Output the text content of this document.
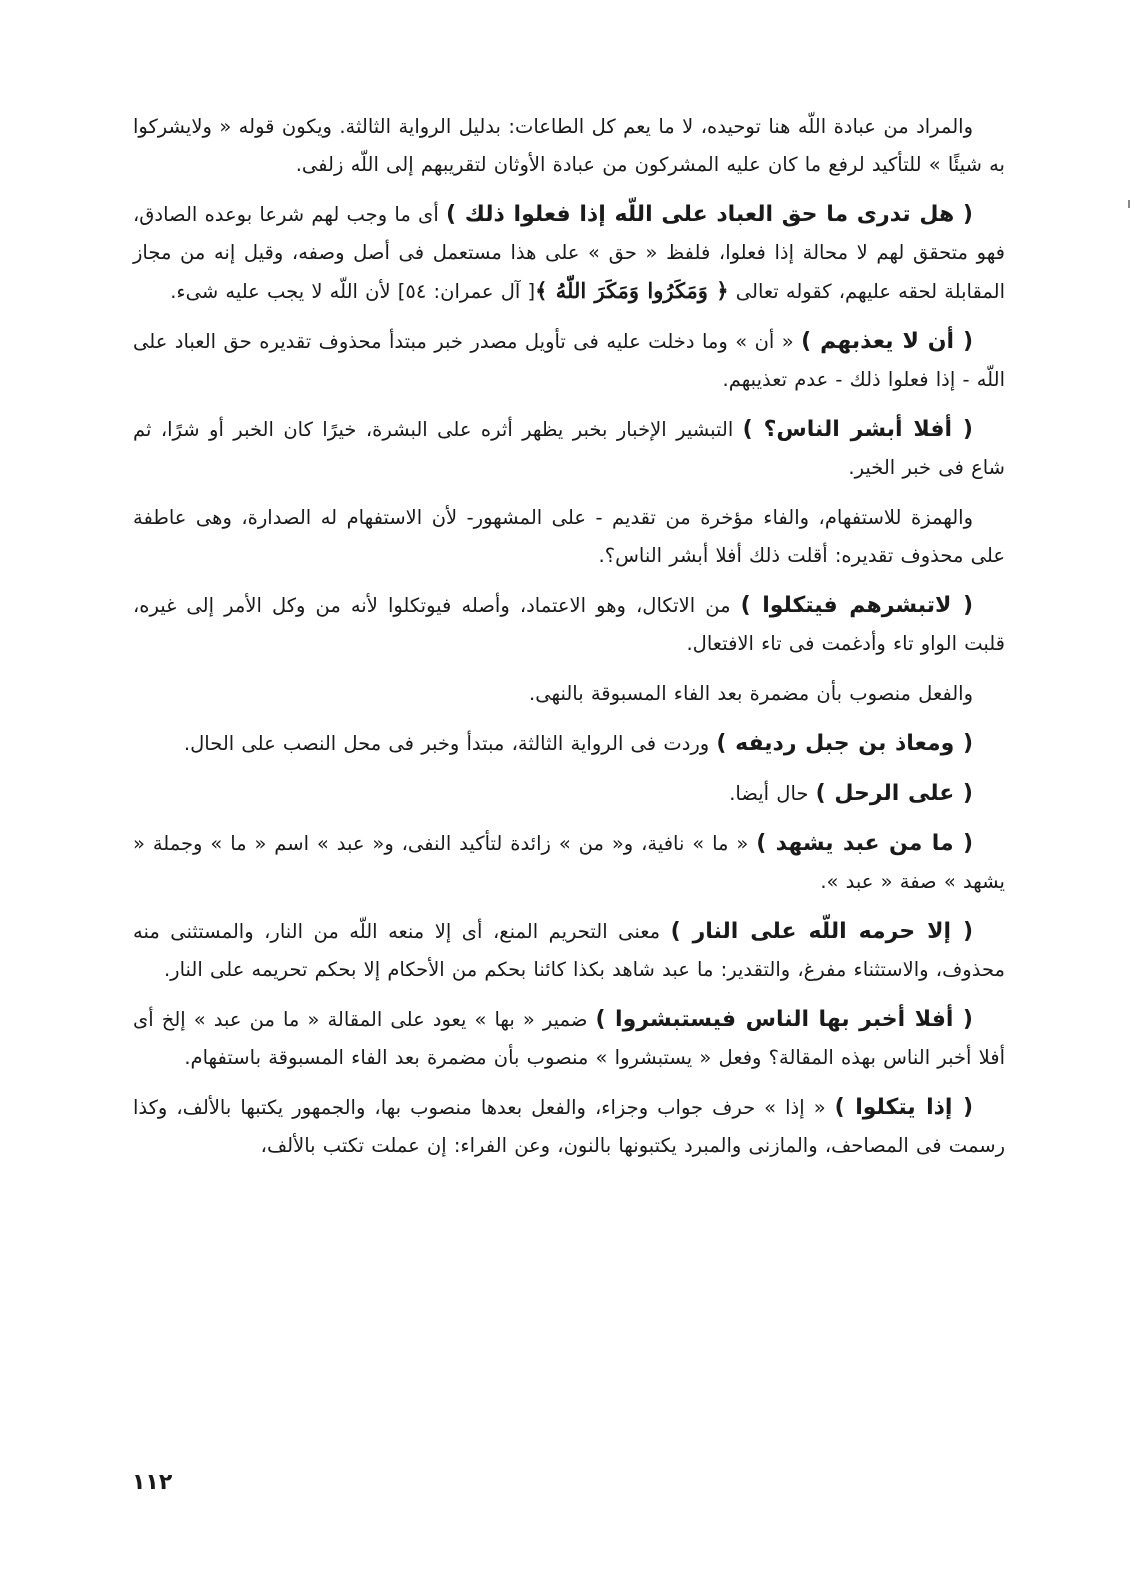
والمراد من عبادة اللّه هنا توحيده، لا ما يعم كل الطاعات: بدليل الرواية الثالثة. ويكون قوله « ولايشركوا به شيئًا » للتأكيد لرفع ما كان عليه المشركون من عبادة الأوثان لتقريبهم إلى اللّه زلفى.

( هل تدرى ما حق العباد على اللّه إذا فعلوا ذلك ) أى ما وجب لهم شرعا بوعده الصادق، فهو متحقق لهم لا محالة إذا فعلوا، فلفظ « حق » على هذا مستعمل فى أصل وصفه، وقيل إنه من مجاز المقابلة لحقه عليهم، كقوله تعالى ﴿ وَمَكَرُوا وَمَكَرَ اللّهُ ﴾[ آل عمران: ٥٤] لأن اللّه لا يجب عليه شىء.

( أن لا يعذبهم ) « أن » وما دخلت عليه فى تأويل مصدر خبر مبتدأ محذوف تقديره حق العباد على اللّه - إذا فعلوا ذلك - عدم تعذيبهم.

( أفلا أبشر الناس؟ ) التبشير الإخبار بخبر يظهر أثره على البشرة، خيرًا كان الخبر أو شرًا، ثم شاع فى خبر الخير.

والهمزة للاستفهام، والفاء مؤخرة من تقديم - على المشهور- لأن الاستفهام له الصدارة، وهى عاطفة على محذوف تقديره: أقلت ذلك أفلا أبشر الناس؟.

( لاتبشرهم فيتكلوا ) من الاتكال، وهو الاعتماد، وأصله فيوتكلوا لأنه من وكل الأمر إلى غيره، قلبت الواو تاء وأدغمت فى تاء الافتعال.

والفعل منصوب بأن مضمرة بعد الفاء المسبوقة بالنهى.

( ومعاذ بن جبل رديفه ) وردت فى الرواية الثالثة، مبتدأ وخبر فى محل النصب على الحال.

( على الرحل ) حال أيضا.

( ما من عبد يشهد ) « ما » نافية، و« من » زائدة لتأكيد النفى، و« عبد » اسم « ما » وجملة « يشهد » صفة « عبد ».

( إلا حرمه اللّه على النار ) معنى التحريم المنع، أى إلا منعه اللّه من النار، والمستثنى منه محذوف، والاستثناء مفرغ، والتقدير: ما عبد شاهد بكذا كائنا بحكم من الأحكام إلا بحكم تحريمه على النار.

( أفلا أخبر بها الناس فيستبشروا ) ضمير « بها » يعود على المقالة « ما من عبد » إلخ أى أفلا أخبر الناس بهذه المقالة؟ وفعل « يستبشروا » منصوب بأن مضمرة بعد الفاء المسبوقة باستفهام.

( إذا يتكلوا ) « إذا » حرف جواب وجزاء، والفعل بعدها منصوب بها، والجمهور يكتبها بالألف، وكذا رسمت فى المصاحف، والمازنى والمبرد يكتبونها بالنون، وعن الفراء: إن عملت تكتب بالألف،

١١٢
